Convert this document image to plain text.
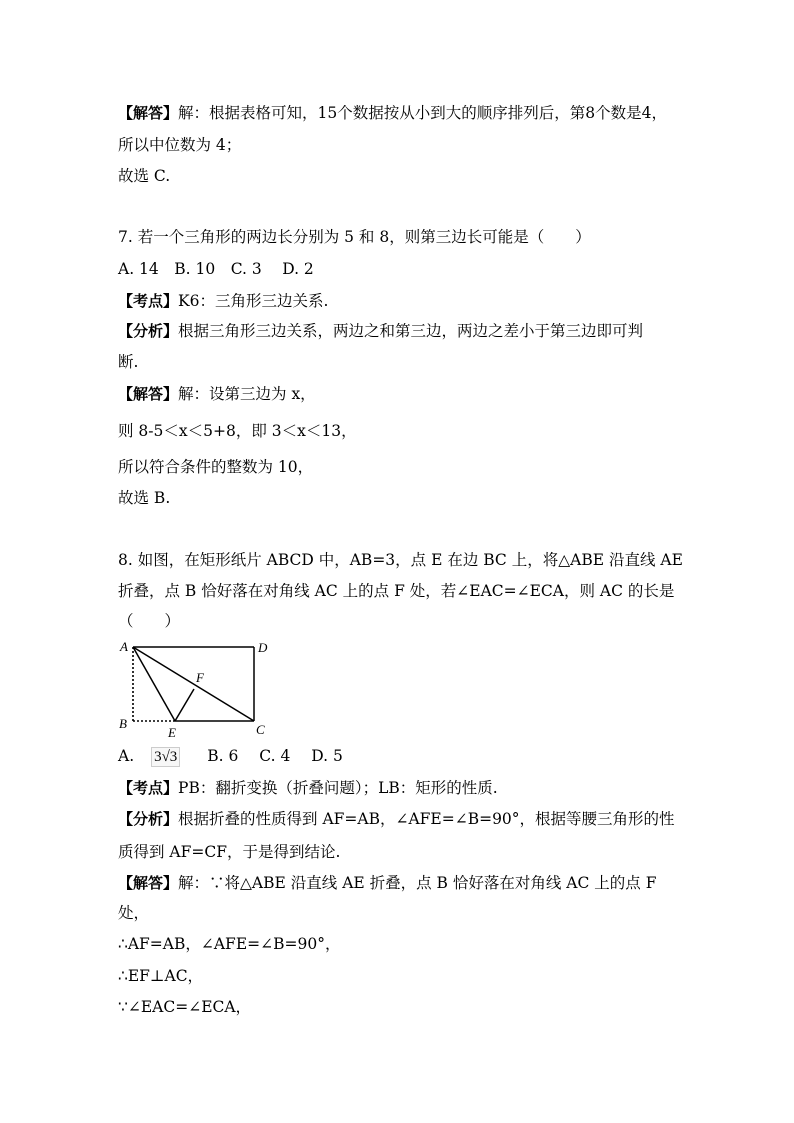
【解答】解：根据表格可知，15个数据按从小到大的顺序排列后，第8个数是4，
所以中位数为 4；
故选 C.
7. 若一个三角形的两边长分别为 5 和 8，则第三边长可能是（　　）
A. 14　B. 10　C. 3　 D. 2
【考点】K6：三角形三边关系.
【分析】根据三角形三边关系，两边之和第三边，两边之差小于第三边即可判
断.
【解答】解：设第三边为 x，
则 8-5＜x＜5+8，即 3＜x＜13，
所以符合条件的整数为 10，
故选 B.
8. 如图，在矩形纸片 ABCD 中，AB=3，点 E 在边 BC 上，将△ABE 沿直线 AE
折叠，点 B 恰好落在对角线 AC 上的点 F 处，若∠EAC=∠ECA，则 AC 的长是
（　　）
A	D
F
B
E	C
A. 3√3 B. 6 C. 4 D. 5
【考点】PB：翻折变换（折叠问题）；LB：矩形的性质.
【分析】根据折叠的性质得到 AF=AB，∠AFE=∠B=90°，根据等腰三角形的性
质得到 AF=CF，于是得到结论.
【解答】解：∵将△ABE 沿直线 AE 折叠，点 B 恰好落在对角线 AC 上的点 F
处，
∴AF=AB，∠AFE=∠B=90°，
∴EF⊥AC，
∵∠EAC=∠ECA，
